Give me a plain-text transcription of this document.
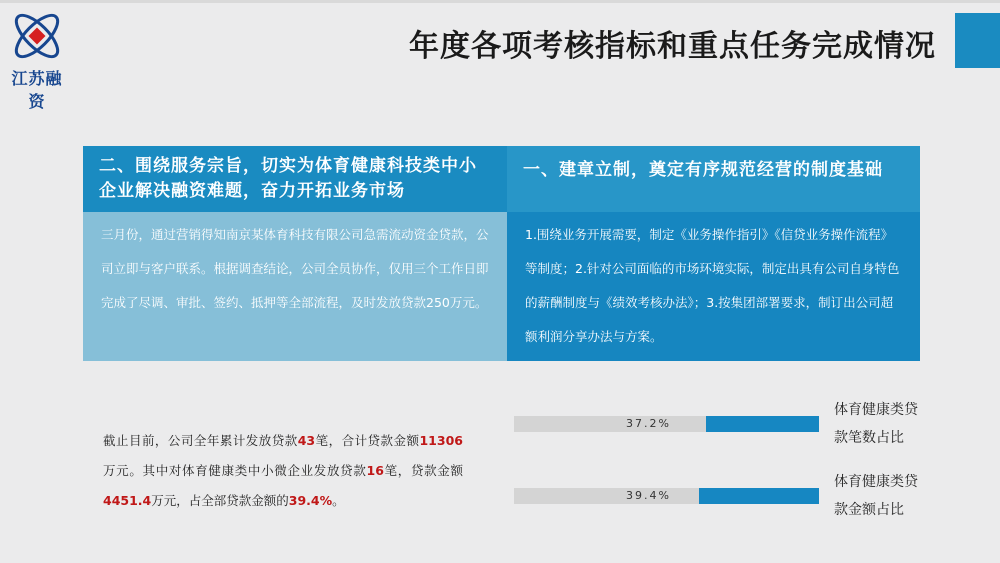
江苏融资
年度各项考核指标和重点任务完成情况
二、围绕服务宗旨，切实为体育健康科技类中小企业解决融资难题，奋力开拓业务市场
三月份，通过营销得知南京某体育科技有限公司急需流动资金贷款，公司立即与客户联系。根据调查结论，公司全员协作，仅用三个工作日即完成了尽调、审批、签约、抵押等全部流程，及时发放贷款250万元。
一、建章立制，奠定有序规范经营的制度基础
1.围绕业务开展需要，制定《业务操作指引》《信贷业务操作流程》等制度；2.针对公司面临的市场环境实际，制定出具有公司自身特色的薪酬制度与《绩效考核办法》；3.按集团部署要求，制订出公司超额利润分享办法与方案。
截止目前，公司全年累计发放贷款43笔，合计贷款金额11306万元。其中对体育健康类中小微企业发放贷款16笔，贷款金额4451.4万元，占全部贷款金额的39.4%。
37.2%
体育健康类贷款笔数占比
39.4%
体育健康类贷款金额占比
